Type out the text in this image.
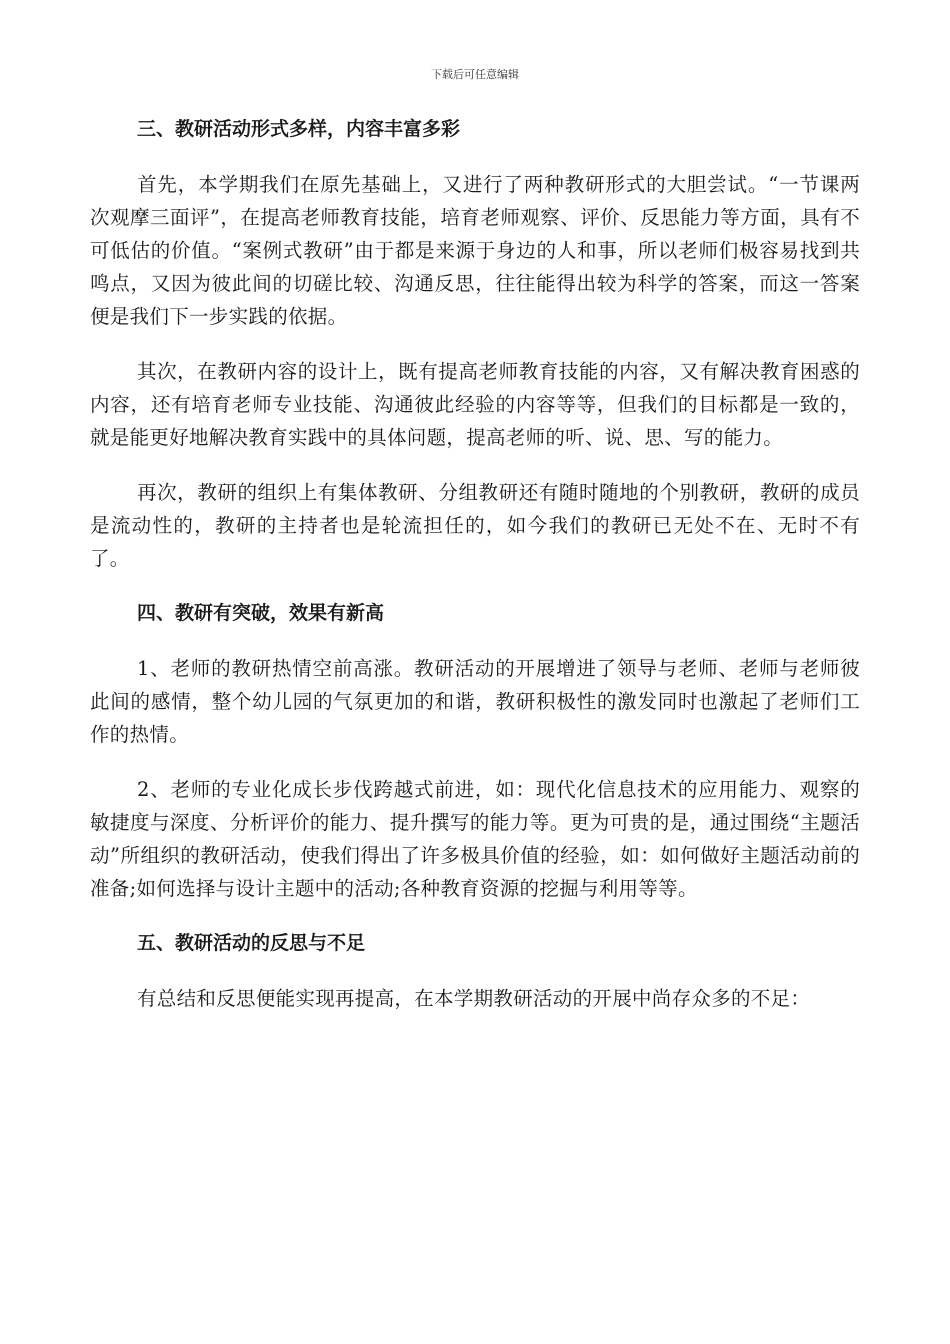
下载后可任意编辑
三、教研活动形式多样，内容丰富多彩

首先，本学期我们在原先基础上，又进行了两种教研形式的大胆尝试。“一节课两次观摩三面评”，在提高老师教育技能，培育老师观察、评价、反思能力等方面，具有不可低估的价值。“案例式教研”由于都是来源于身边的人和事，所以老师们极容易找到共鸣点，又因为彼此间的切磋比较、沟通反思，往往能得出较为科学的答案，而这一答案便是我们下一步实践的依据。

其次，在教研内容的设计上，既有提高老师教育技能的内容，又有解决教育困惑的内容，还有培育老师专业技能、沟通彼此经验的内容等等，但我们的目标都是一致的，就是能更好地解决教育实践中的具体问题，提高老师的听、说、思、写的能力。

再次，教研的组织上有集体教研、分组教研还有随时随地的个别教研，教研的成员是流动性的，教研的主持者也是轮流担任的，如今我们的教研已无处不在、无时不有了。

四、教研有突破，效果有新高

1、老师的教研热情空前高涨。教研活动的开展增进了领导与老师、老师与老师彼此间的感情，整个幼儿园的气氛更加的和谐，教研积极性的激发同时也激起了老师们工作的热情。

2、老师的专业化成长步伐跨越式前进，如：现代化信息技术的应用能力、观察的敏捷度与深度、分析评价的能力、提升撰写的能力等。更为可贵的是，通过围绕“主题活动”所组织的教研活动，使我们得出了许多极具价值的经验，如：如何做好主题活动前的准备;如何选择与设计主题中的活动;各种教育资源的挖掘与利用等等。

五、教研活动的反思与不足

有总结和反思便能实现再提高，在本学期教研活动的开展中尚存众多的不足：
